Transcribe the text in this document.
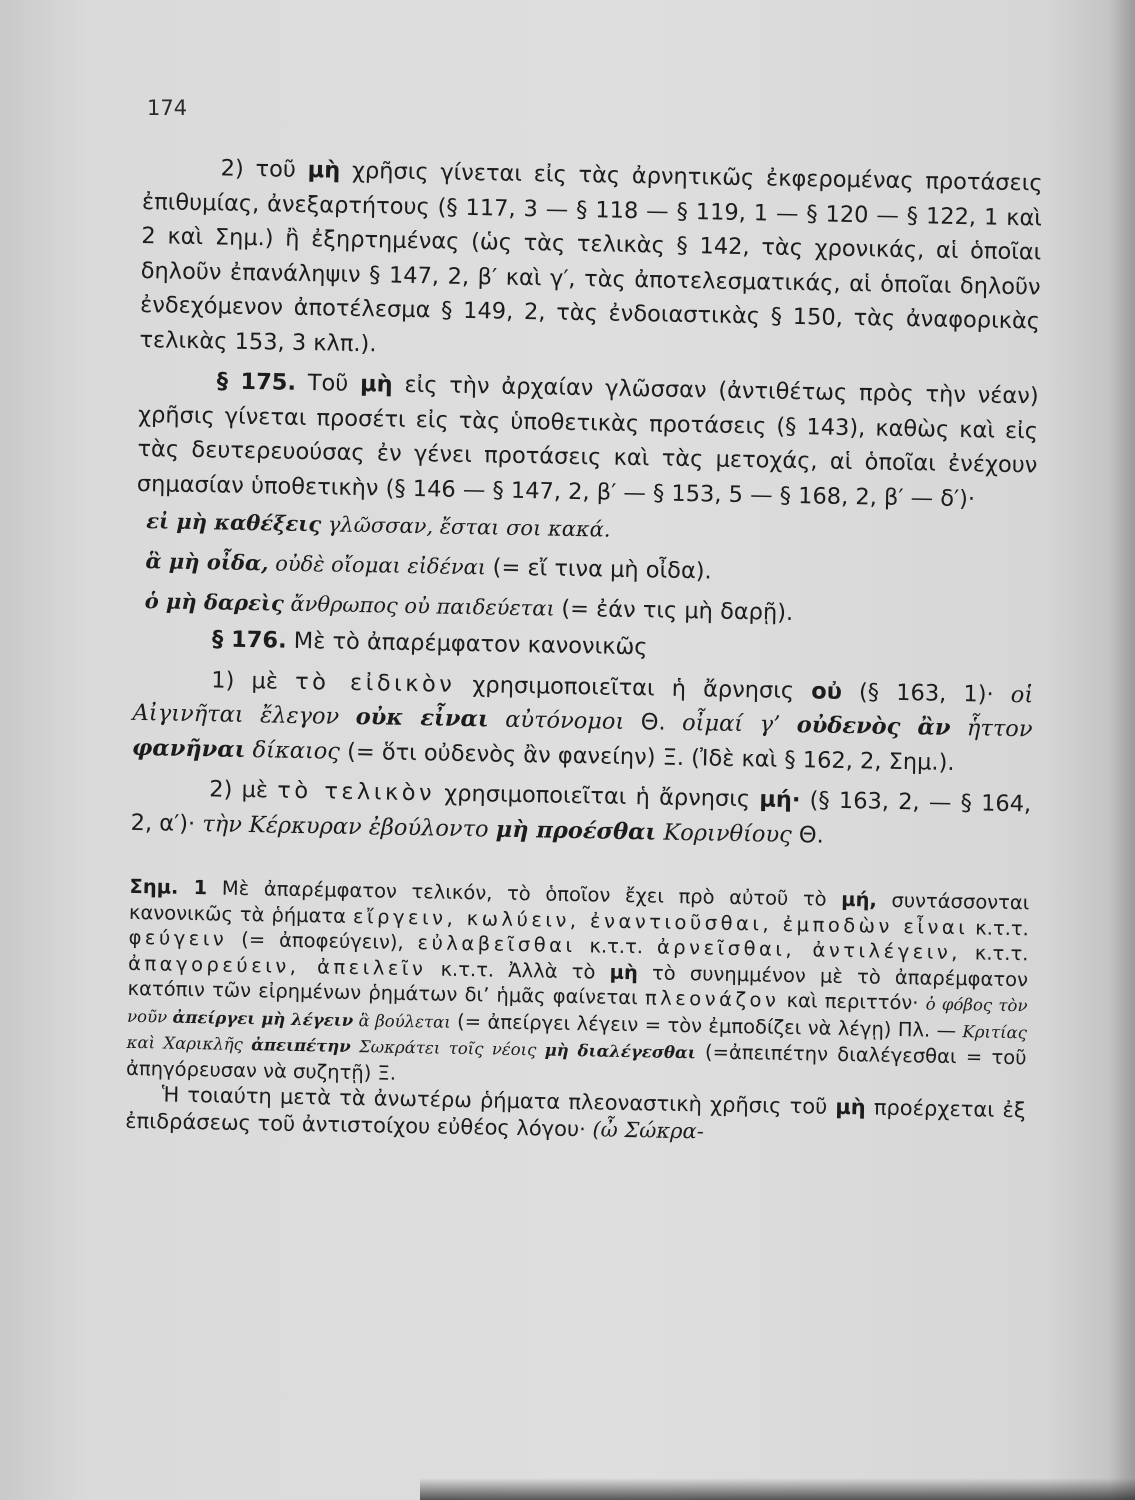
174

2) τοῦ μὴ χρῆσις γίνεται εἰς τὰς ἀρνητικῶς ἐκφερομένας προτάσεις ἐπιθυμίας, ἀνεξαρτήτους (§ 117, 3 — § 118 — § 119, 1 — § 120 — § 122, 1 καὶ 2 καὶ Σημ.) ἢ ἐξηρτημένας (ὡς τὰς τελικὰς § 142, τὰς χρονικάς, αἱ ὁποῖαι δηλοῦν ἐπανάληψιν § 147, 2, β′ καὶ γ′, τὰς ἀποτελεσματικάς, αἱ ὁποῖαι δηλοῦν ἐνδεχόμενον ἀποτέλεσμα § 149, 2, τὰς ἐνδοιαστικὰς § 150, τὰς ἀναφορικὰς τελικὰς 153, 3 κλπ.).

§ 175. Τοῦ μὴ εἰς τὴν ἀρχαίαν γλῶσσαν (ἀντιθέτως πρὸς τὴν νέαν) χρῆσις γίνεται προσέτι εἰς τὰς ὑποθετικὰς προτάσεις (§ 143), καθὼς καὶ εἰς τὰς δευτερευούσας ἐν γένει προτάσεις καὶ τὰς μετοχάς, αἱ ὁποῖαι ἐνέχουν σημασίαν ὑποθετικὴν (§ 146 — § 147, 2, β′ — § 153, 5 — § 168, 2, β′ — δ′)·

εἰ μὴ καθέξεις γλῶσσαν, ἔσται σοι κακά.

ἃ μὴ οἶδα, οὐδὲ οἴομαι εἰδέναι (= εἴ τινα μὴ οἶδα).

ὁ μὴ δαρεὶς ἄνθρωπος οὐ παιδεύεται (= ἐάν τις μὴ δαρῇ).

§ 176. Μὲ τὸ ἀπαρέμφατον κανονικῶς

1) μὲ τὸ εἰδικὸν χρησιμοποιεῖται ἡ ἄρνησις οὐ (§ 163, 1)· οἱ Αἰγινῆται ἔλεγον οὐκ εἶναι αὐτόνομοι Θ. οἶμαί γ’ οὐδενὸς ἂν ἧττον φανῆναι δίκαιος (= ὅτι οὐδενὸς ἂν φανείην) Ξ. (Ἰδὲ καὶ § 162, 2, Σημ.).

2) μὲ τὸ τελικὸν χρησιμοποιεῖται ἡ ἄρνησις μή· (§ 163, 2, — § 164, 2, α′)· τὴν Κέρκυραν ἐβούλοντο μὴ προέσθαι Κορινθίους Θ.

Σημ. 1 Μὲ ἀπαρέμφατον τελικόν, τὸ ὁποῖον ἔχει πρὸ αὐτοῦ τὸ μή, συντάσσονται κανονικῶς τὰ ῥήματα εἴργειν, κωλύειν, ἐναντιοῦσθαι, ἐμποδὼν εἶναι κ.τ.τ. φεύγειν (= ἀποφεύγειν), εὐλαβεῖσθαι κ.τ.τ. ἀρνεῖσθαι, ἀντιλέγειν, κ.τ.τ. ἀπαγορεύειν, ἀπειλεῖν κ.τ.τ. Ἀλλὰ τὸ μὴ τὸ συνημμένον μὲ τὸ ἀπαρέμφατον κατόπιν τῶν εἰρημένων ῥημάτων δι’ ἡμᾶς φαίνεται πλεονάζον καὶ περιττόν· ὁ φόβος τὸν νοῦν ἀπείργει μὴ λέγειν ἃ βούλεται (= ἀπείργει λέγειν = τὸν ἐμποδίζει νὰ λέγῃ) Πλ. — Κριτίας καὶ Χαρικλῆς ἀπειπέτην Σωκράτει τοῖς νέοις μὴ διαλέγεσθαι (=ἀπειπέτην διαλέγεσθαι = τοῦ ἀπηγόρευσαν νὰ συζητῇ) Ξ.

Ἡ τοιαύτη μετὰ τὰ ἀνωτέρω ῥήματα πλεοναστικὴ χρῆσις τοῦ μὴ προέρχεται ἐξ ἐπιδράσεως τοῦ ἀντιστοίχου εὐθέος λόγου· (ὦ Σώκρα-
